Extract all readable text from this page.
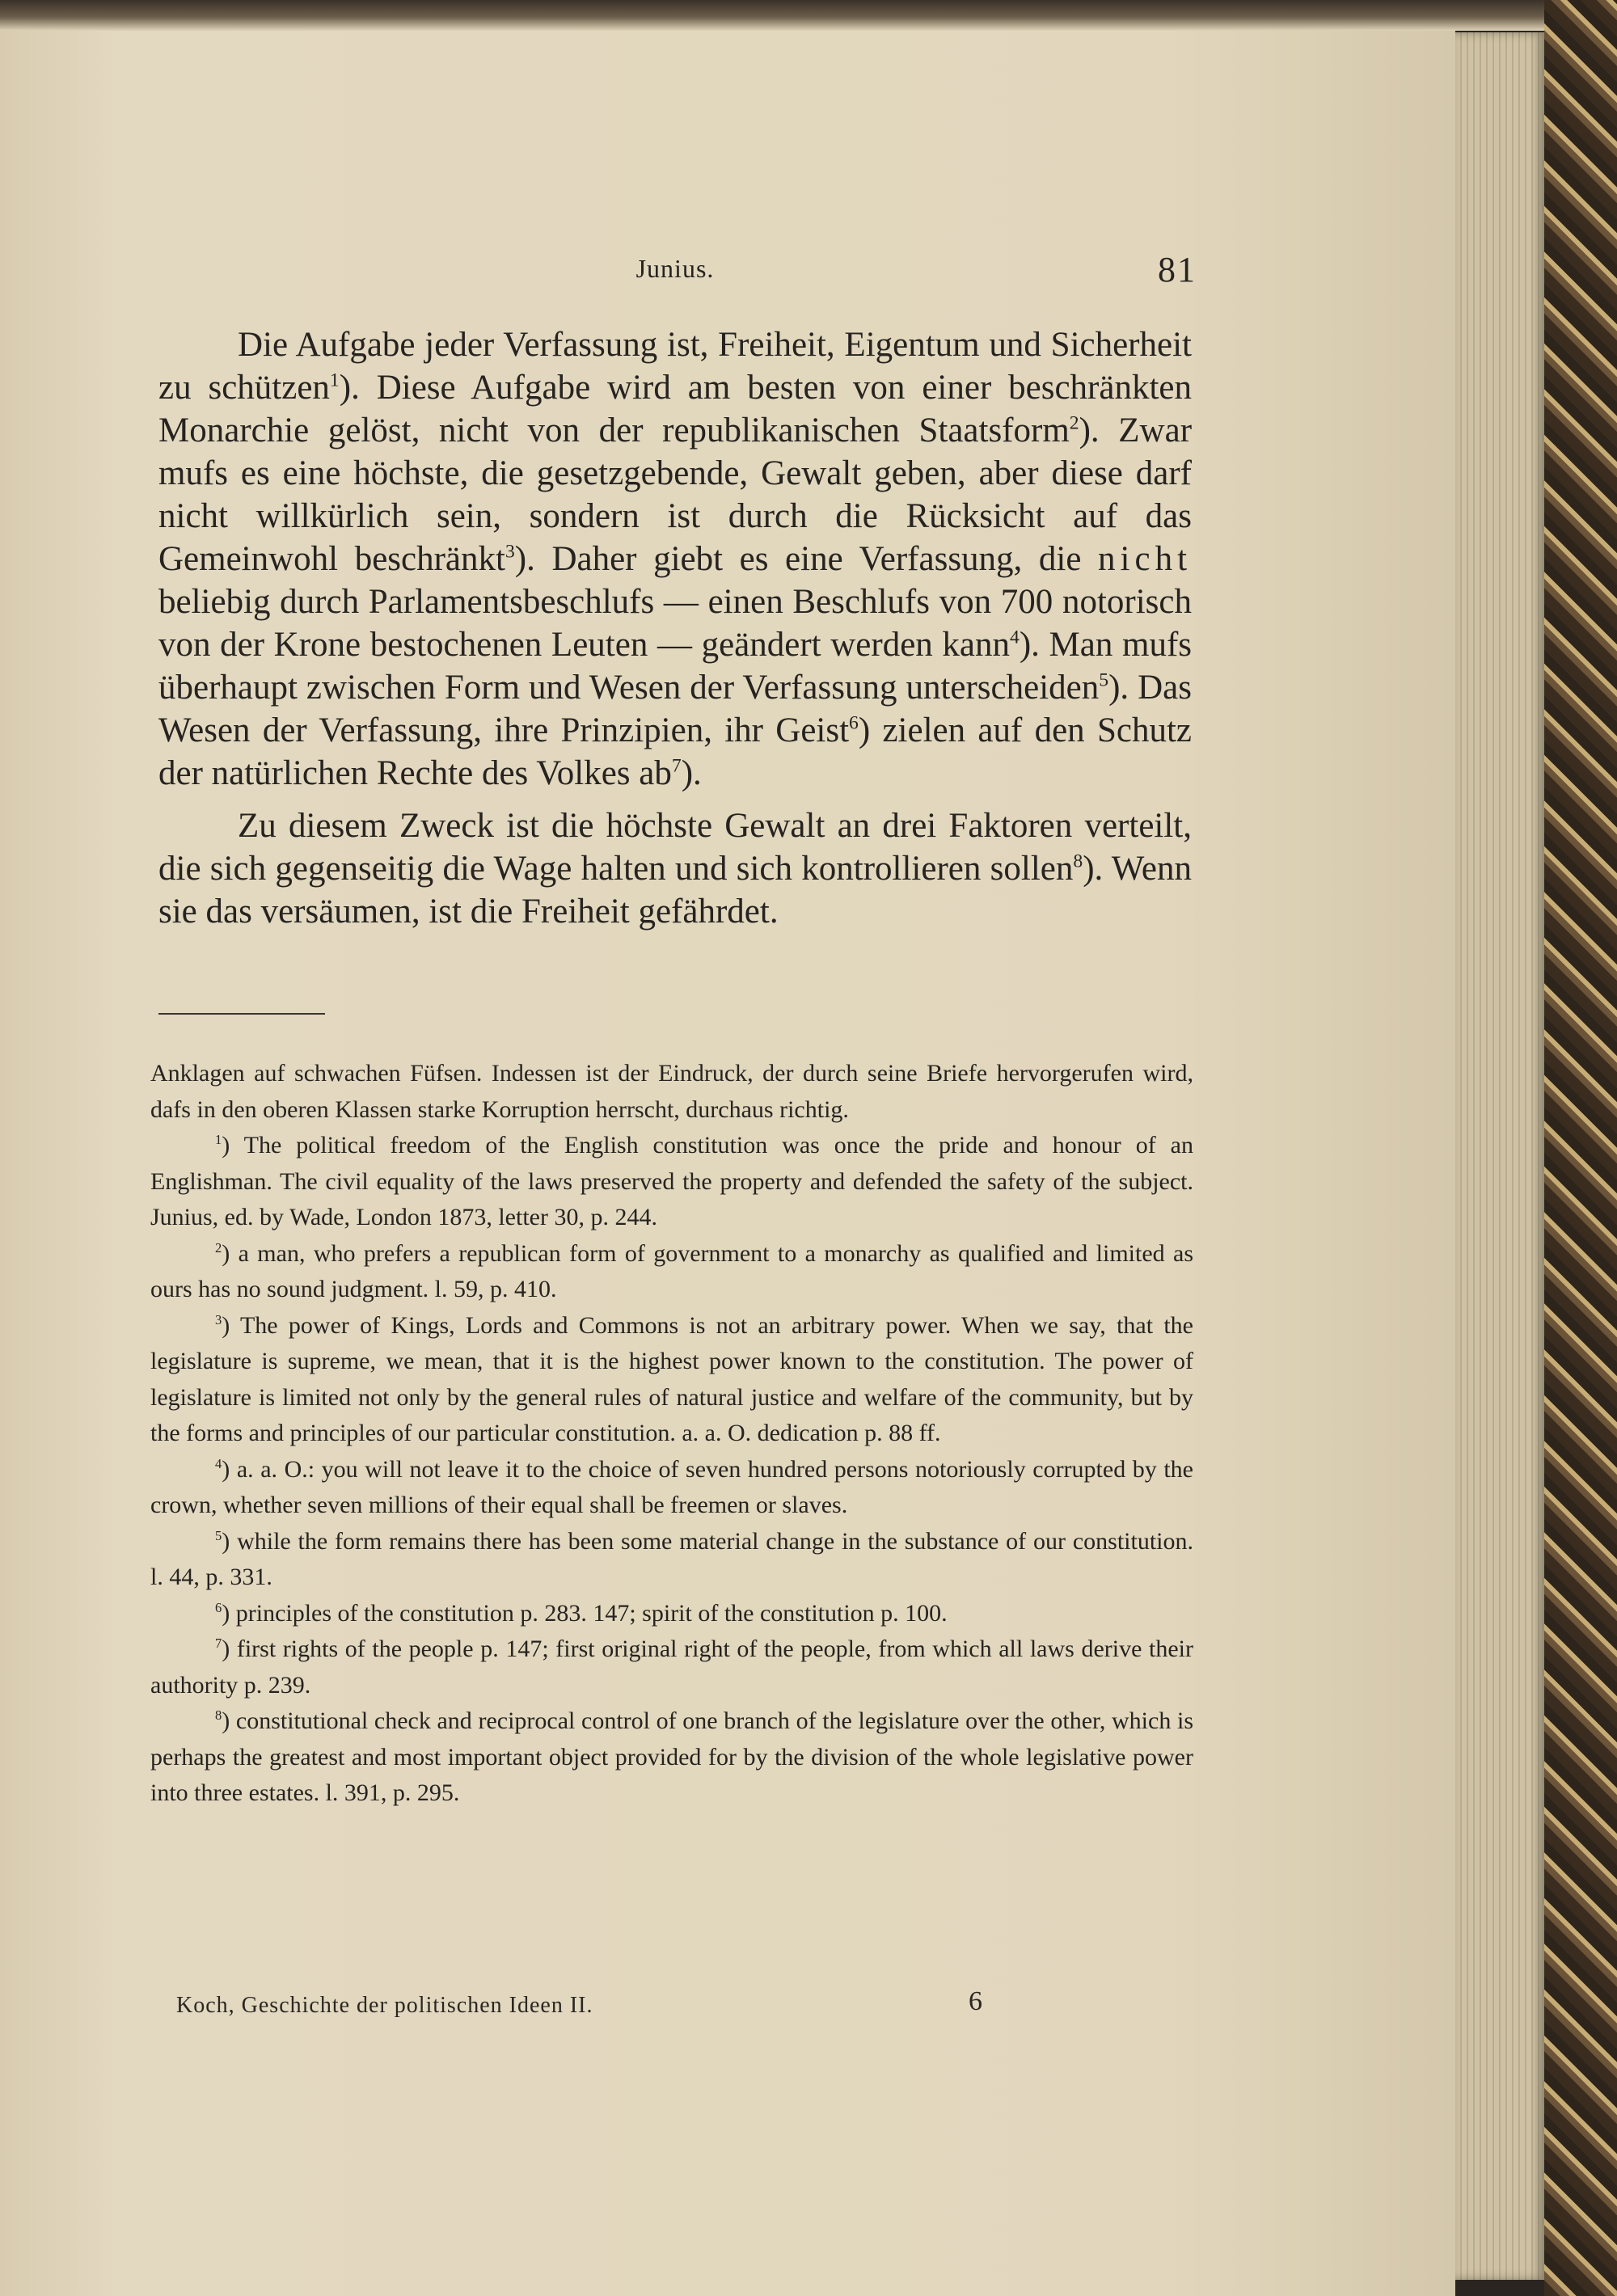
Junius.	81

Die Aufgabe jeder Verfassung ist, Freiheit, Eigentum und Sicherheit zu schützen$^1$). Diese Aufgabe wird am besten von einer beschränkten Monarchie gelöst, nicht von der republikanischen Staatsform$^2$). Zwar mufs es eine höchste, die gesetzgebende, Gewalt geben, aber diese darf nicht willkürlich sein, sondern ist durch die Rücksicht auf das Gemeinwohl beschränkt$^3$). Daher giebt es eine Verfassung, die nicht beliebig durch Parlamentsbeschlufs — einen Beschlufs von 700 notorisch von der Krone bestochenen Leuten — geändert werden kann$^4$). Man mufs überhaupt zwischen Form und Wesen der Verfassung unterscheiden$^5$). Das Wesen der Verfassung, ihre Prinzipien, ihr Geist$^6$) zielen auf den Schutz der natürlichen Rechte des Volkes $ab^7$).

Zu diesem Zweck ist die höchste Gewalt an drei Faktoren verteilt, die sich gegenseitig die Wage halten und sich kontrollieren sollen$^8$). Wenn sie das versäumen, ist die Freiheit gefährdet.

Anklagen auf schwachen Füfsen. Indessen ist der Eindruck, der durch seine Briefe hervorgerufen wird, dafs in den oberen Klassen starke Korruption herrscht, durchaus richtig.

$^1$) The political freedom of the English constitution was once the pride and honour of an Englishman. The civil equality of the laws preserved the property and defended the safety of the subject. Junius, ed. by Wade, London 1873, letter 30, p. 244.

$^2$) a man, who prefers a republican form of government to a monarchy as qualified and limited as ours has no sound judgment. l. 59, p. 410.

$^3$) The power of Kings, Lords and Commons is not an arbitrary power. When we say, that the legislature is supreme, we mean, that it is the highest power known to the constitution. The power of legislature is limited not only by the general rules of natural justice and welfare of the community, but by the forms and principles of our particular constitution. a. a. O. dedication p. 88 ff.

$^4$) a. a. O.: you will not leave it to the choice of seven hundred persons notoriously corrupted by the crown, whether seven millions of their equal shall be freemen or slaves.

$^5$) while the form remains there has been some material change in the substance of our constitution. l. 44, p. 331.

$^6$) principles of the constitution p. 283. 147; spirit of the constitution p. 100.

$^7$) first rights of the people p. 147; first original right of the people, from which all laws derive their authority p. 239.

$^8$) constitutional check and reciprocal control of one branch of the legislature over the other, which is perhaps the greatest and most important object provided for by the division of the whole legislative power into three estates. l. 391, p. 295.

Koch, Geschichte der politischen Ideen II.	6
